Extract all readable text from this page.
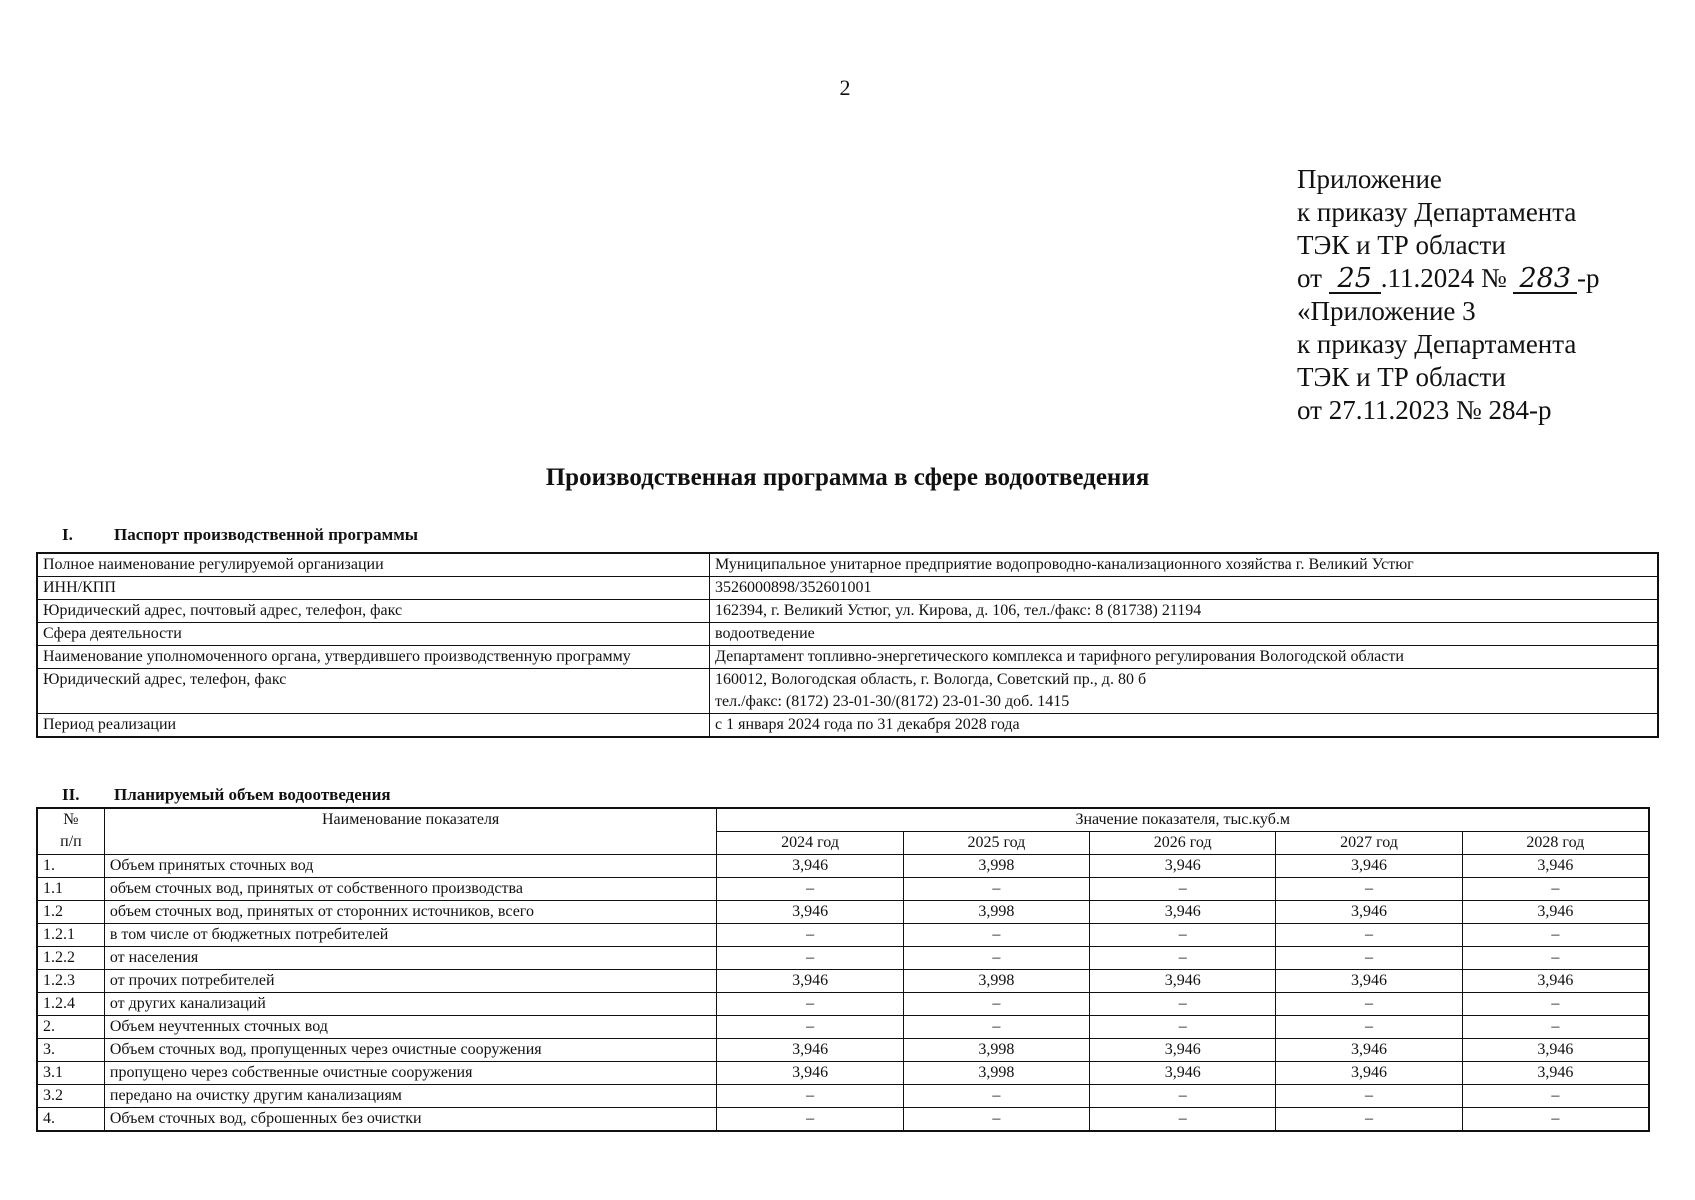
2
Приложение
к приказу Департамента
ТЭК и ТР области
от 25 .11.2024 № 283 -р
«Приложение 3
к приказу Департамента
ТЭК и ТР области
от 27.11.2023 № 284-р
Производственная программа в сфере водоотведения
I. Паспорт производственной программы
Полное наименование регулируемой организации	Муниципальное унитарное предприятие водопроводно-канализационного хозяйства г. Великий Устюг
ИНН/КПП	3526000898/352601001
Юридический адрес, почтовый адрес, телефон, факс	162394, г. Великий Устюг, ул. Кирова, д. 106, тел./факс: 8 (81738) 21194
Сфера деятельности	водоотведение
Наименование уполномоченного органа, утвердившего производственную программу	Департамент топливно-энергетического комплекса и тарифного регулирования Вологодской области
Юридический адрес, телефон, факс	160012, Вологодская область, г. Вологда, Советский пр., д. 80 б
тел./факс: (8172) 23-01-30/(8172) 23-01-30 доб. 1415

Период реализации	с 1 января 2024 года по 31 декабря 2028 года
II. Планируемый объем водоотведения
№
п/п	Наименование показателя	Значение показателя, тыс.куб.м				
		2024 год	2025 год	2026 год	2027 год	2028 год
1.	Объем принятых сточных вод	3,946	3,998	3,946	3,946	3,946
1.1	объем сточных вод, принятых от собственного производства	–	–	–	–	–
1.2	объем сточных вод, принятых от сторонних источников, всего	3,946	3,998	3,946	3,946	3,946
1.2.1	в том числе от бюджетных потребителей	–	–	–	–	–
1.2.2	от населения	–	–	–	–	–
1.2.3	от прочих потребителей	3,946	3,998	3,946	3,946	3,946
1.2.4	от других канализаций	–	–	–	–	–
2.	Объем неучтенных сточных вод	–	–	–	–	–
3.	Объем сточных вод, пропущенных через очистные сооружения	3,946	3,998	3,946	3,946	3,946
3.1	пропущено через собственные очистные сооружения	3,946	3,998	3,946	3,946	3,946
3.2	передано на очистку другим канализациям	–	–	–	–	–
4.	Объем сточных вод, сброшенных без очистки	–	–	–	–	–
